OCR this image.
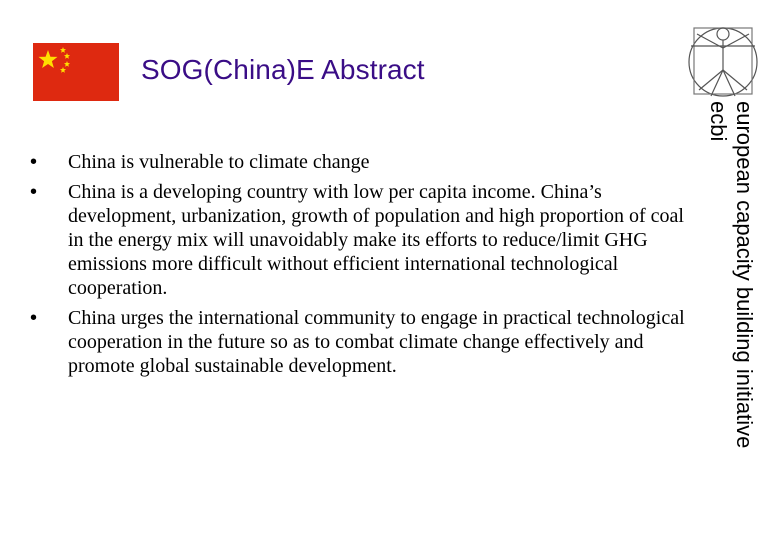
SOG(China)E Abstract
european capacity building initiative
ecbi
• China is vulnerable to climate change
• China is a developing country with low per capita income. China’s development, urbanization, growth of population and high proportion of coal in the energy mix will unavoidably make its efforts to reduce/limit GHG emissions more difficult without efficient international technological cooperation.
• China urges the international community to engage in practical technological cooperation in the future so as to combat climate change effectively and promote global sustainable development.
